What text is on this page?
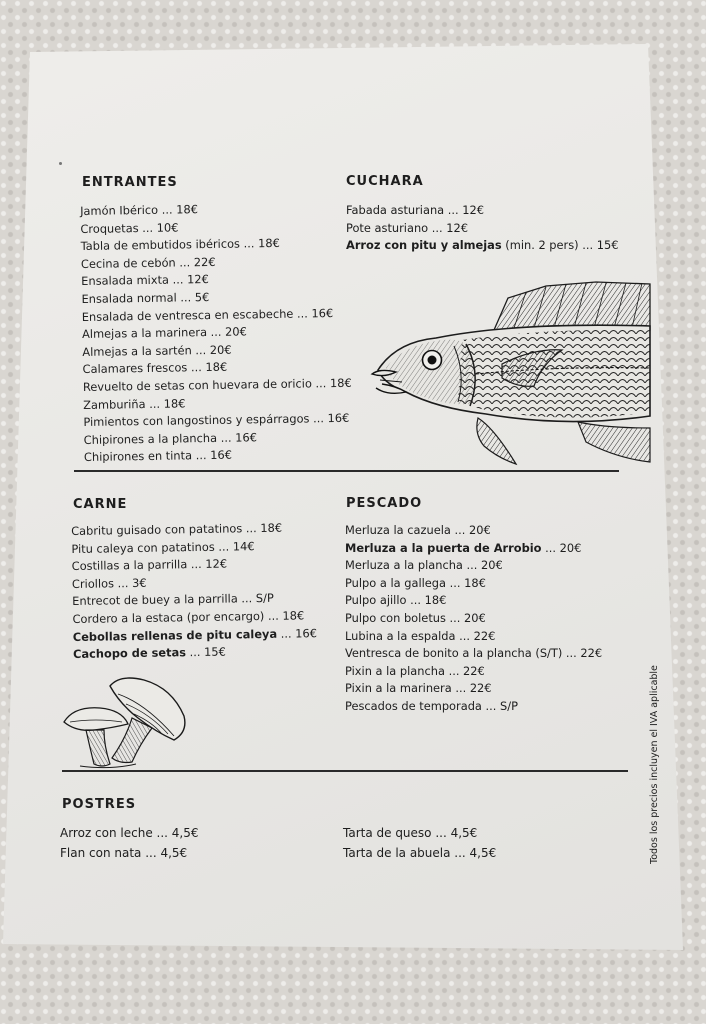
ENTRANTES
Jamón Ibérico ... 18€
Croquetas ... 10€
Tabla de embutidos ibéricos ... 18€
Cecina de cebón ... 22€
Ensalada mixta ... 12€
Ensalada normal ... 5€
Ensalada de ventresca en escabeche ... 16€
Almejas a la marinera ... 20€
Almejas a la sartén ... 20€
Calamares frescos ... 18€
Revuelto de setas con huevara de oricio ... 18€
Zamburiña ... 18€
Pimientos con langostinos y espárragos ... 16€
Chipirones a la plancha ... 16€
Chipirones en tinta ... 16€
CUCHARA
Fabada asturiana ... 12€
Pote asturiano ... 12€
Arroz con pitu y almejas (min. 2 pers) ... 15€
CARNE
Cabritu guisado con patatinos ... 18€
Pitu caleya con patatinos ... 14€
Costillas a la parrilla ... 12€
Criollos ... 3€
Entrecot de buey a la parrilla ... S/P
Cordero a la estaca (por encargo) ... 18€
Cebollas rellenas de pitu caleya ... 16€
Cachopo de setas ... 15€
PESCADO
Merluza la cazuela ... 20€
Merluza a la puerta de Arrobio ... 20€
Merluza a la plancha ... 20€
Pulpo a la gallega ... 18€
Pulpo ajillo ... 18€
Pulpo con boletus ... 20€
Lubina a la espalda ... 22€
Ventresca de bonito a la plancha (S/T) ... 22€
Pixin a la plancha ... 22€
Pixin a la marinera ... 22€
Pescados de temporada ... S/P
POSTRES
Arroz con leche ... 4,5€
Flan con nata ... 4,5€
Tarta de queso ... 4,5€
Tarta de la abuela ... 4,5€	Todos los precios incluyen el IVA aplicable
